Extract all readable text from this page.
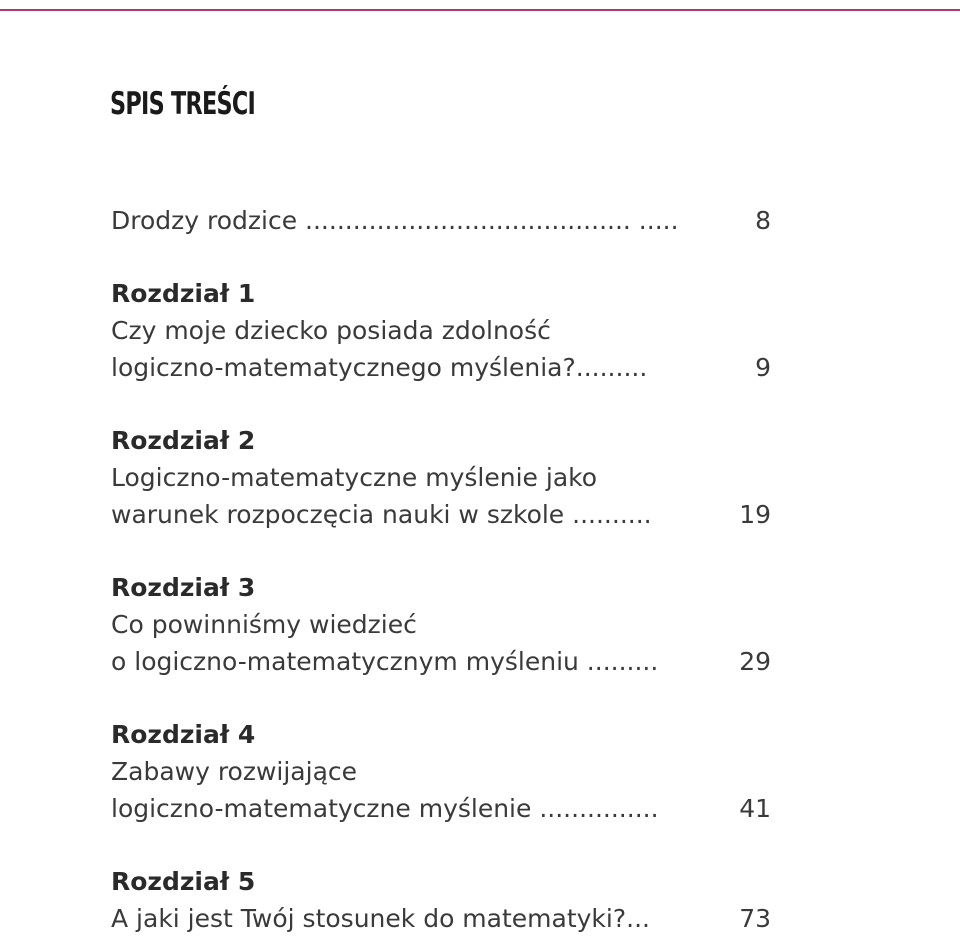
SPIS TREŚCI
Drodzy rodzice ......................................... .....	8
Rozdział 1
Czy moje dziecko posiada zdolność
logiczno-matematycznego myślenia?.........	9
Rozdział 2
Logiczno-matematyczne myślenie jako
warunek rozpoczęcia nauki w szkole ..........	19
Rozdział 3
Co powinniśmy wiedzieć
o logiczno-matematycznym myśleniu .........	29
Rozdział 4
Zabawy rozwijające
logiczno-matematyczne myślenie ...............	41
Rozdział 5
A jaki jest Twój stosunek do matematyki?...	73
